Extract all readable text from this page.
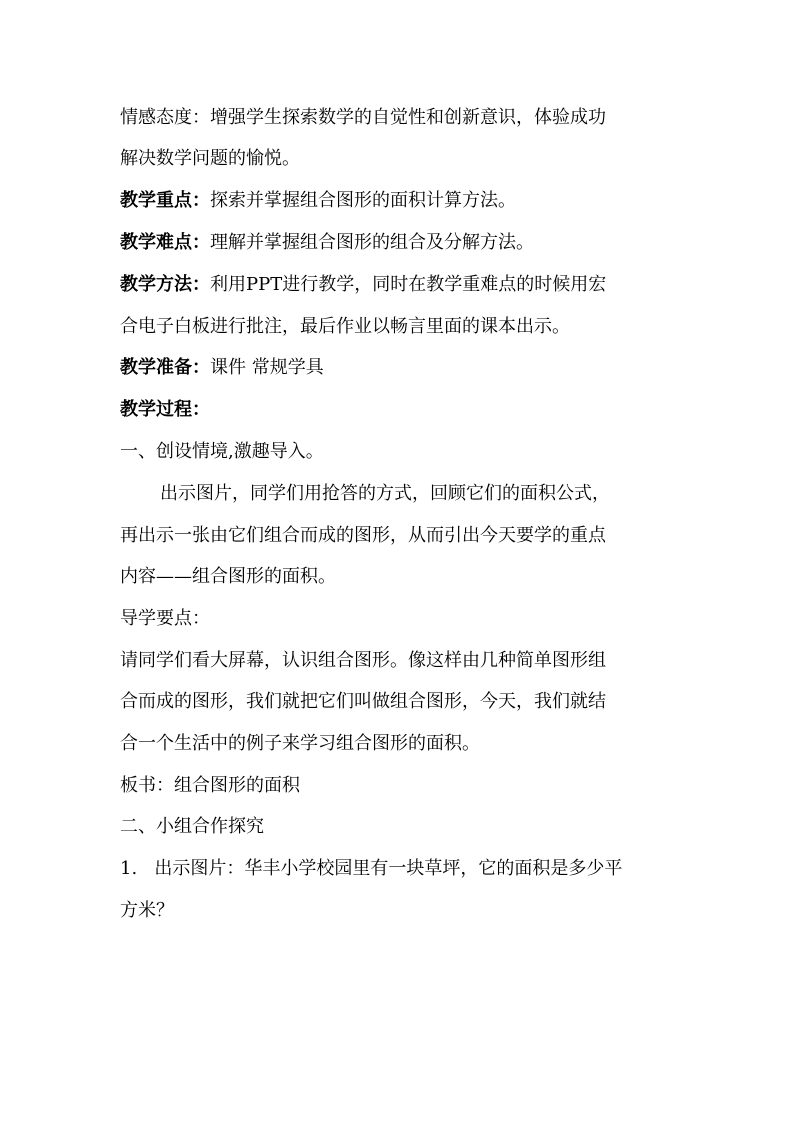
情感态度：增强学生探索数学的自觉性和创新意识，体验成功
解决数学问题的愉悦。
教学重点：探索并掌握组合图形的面积计算方法。
教学难点：理解并掌握组合图形的组合及分解方法。
教学方法：利用PPT进行教学，同时在教学重难点的时候用宏
合电子白板进行批注，最后作业以畅言里面的课本出示。
教学准备：课件 常规学具
教学过程：
一、创设情境,激趣导入。
出示图片，同学们用抢答的方式，回顾它们的面积公式，
再出示一张由它们组合而成的图形，从而引出今天要学的重点
内容——组合图形的面积。
导学要点：
请同学们看大屏幕，认识组合图形。像这样由几种简单图形组
合而成的图形，我们就把它们叫做组合图形，今天，我们就结
合一个生活中的例子来学习组合图形的面积。
板书：组合图形的面积
二、小组合作探究
1.   出示图片：华丰小学校园里有一块草坪，它的面积是多少平
方米？
